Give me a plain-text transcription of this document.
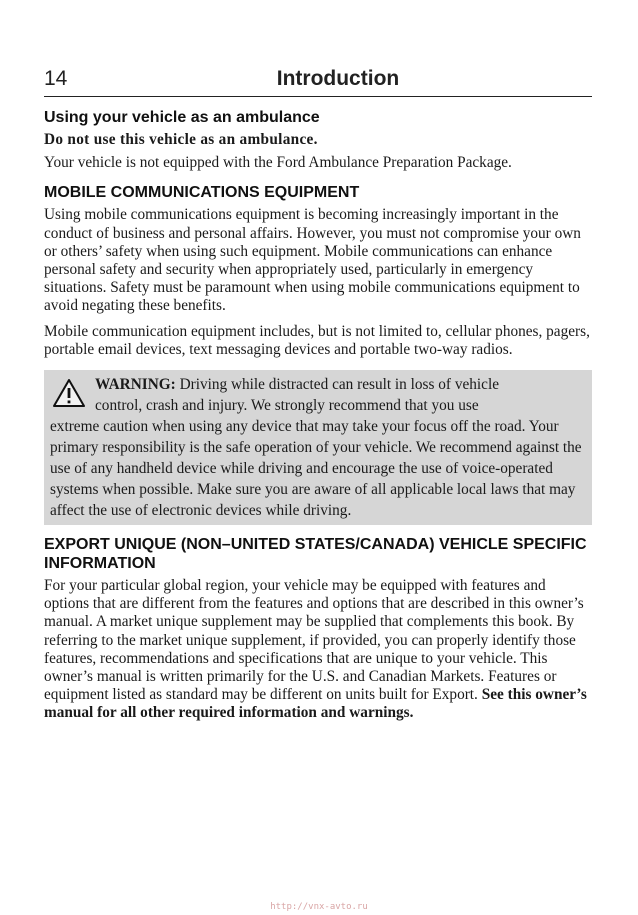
14	Introduction
Using your vehicle as an ambulance

Do not use this vehicle as an ambulance.

Your vehicle is not equipped with the Ford Ambulance Preparation Package.

MOBILE COMMUNICATIONS EQUIPMENT

Using mobile communications equipment is becoming increasingly important in the conduct of business and personal affairs. However, you must not compromise your own or others’ safety when using such equipment. Mobile communications can enhance personal safety and security when appropriately used, particularly in emergency situations. Safety must be paramount when using mobile communications equipment to avoid negating these benefits.

Mobile communication equipment includes, but is not limited to, cellular phones, pagers, portable email devices, text messaging devices and portable two-way radios.

WARNING: Driving while distracted can result in loss of vehicle
control, crash and injury. We strongly recommend that you use
extreme caution when using any device that may take your focus off the road. Your primary responsibility is the safe operation of your vehicle. We recommend against the use of any handheld device while driving and encourage the use of voice-operated systems when possible. Make sure you are aware of all applicable local laws that may affect the use of electronic devices while driving.

EXPORT UNIQUE (NON–UNITED STATES/CANADA) VEHICLE SPECIFIC INFORMATION

For your particular global region, your vehicle may be equipped with features and options that are different from the features and options that are described in this owner’s manual. A market unique supplement may be supplied that complements this book. By referring to the market unique supplement, if provided, you can properly identify those features, recommendations and specifications that are unique to your vehicle. This owner’s manual is written primarily for the U.S. and Canadian Markets. Features or equipment listed as standard may be different on units built for Export. See this owner’s manual for all other required information and warnings.

http://vnx-avto.ru
